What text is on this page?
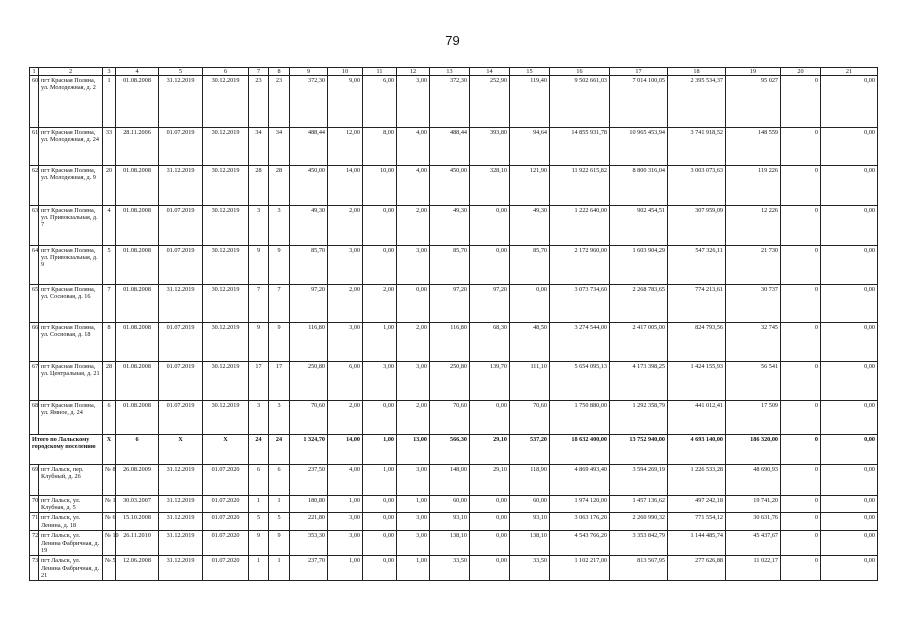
79
1	2	3	4	5	6	7	8	9	10	11	12	13	14	15	16	17	18	19	20	21
60	пгт Красная Поляна, ул. Молодежная, д. 2	1	01.08.2008	31.12.2019	30.12.2019	23	23	372,30	9,00	6,00	3,00	372,30	252,90	119,40	9 502 661,03	7 014 100,05	2 395 534,37	95 027	0	0,00
61	пгт Красная Поляна, ул. Молодежная, д. 24	33	28.11.2006	01.07.2019	30.12.2019	34	34	488,44	12,00	8,00	4,00	488,44	393,80	94,64	14 855 931,78	10 965 453,94	3 741 918,52	148 559	0	0,00
62	пгт Красная Поляна, ул. Молодежная, д. 9	20	01.08.2008	31.12.2019	30.12.2019	28	28	450,00	14,00	10,00	4,00	450,00	328,10	121,90	11 922 615,82	8 800 316,04	3 003 073,63	119 226	0	0,00
63	пгт Красная Поляна, ул. Привокзальная, д. 7	4	01.08.2008	01.07.2019	30.12.2019	3	3	49,30	2,00	0,00	2,00	49,30	0,00	49,30	1 222 640,00	902 454,51	307 959,09	12 226	0	0,00
64	пгт Красная Поляна, ул. Привокзальная, д. 9	5	01.08.2008	01.07.2019	30.12.2019	9	9	85,70	3,00	0,00	3,00	85,70	0,00	85,70	2 172 960,00	1 603 904,29	547 326,11	21 730	0	0,00
65	пгт Красная Поляна, ул. Сосновая, д. 16	7	01.08.2008	31.12.2019	30.12.2019	7	7	97,20	2,00	2,00	0,00	97,20	97,20	0,00	3 073 734,60	2 268 783,65	774 213,61	30 737	0	0,00
66	пгт Красная Поляна, ул. Сосновая, д. 18	8	01.08.2008	01.07.2019	30.12.2019	9	9	116,80	3,00	1,00	2,00	116,80	68,30	48,50	3 274 544,00	2 417 005,00	824 793,56	32 745	0	0,00
67	пгт Красная Поляна, ул. Центральная, д. 21	28	01.08.2008	01.07.2019	30.12.2019	17	17	250,80	6,00	3,00	3,00	250,80	139,70	111,10	5 654 095,13	4 173 398,25	1 424 155,93	56 541	0	0,00
68	пгт Красная Поляна, ул. Ямное, д. 24	6	01.08.2008	01.07.2019	30.12.2019	3	3	70,60	2,00	0,00	2,00	70,60	0,00	70,60	1 750 880,00	1 292 358,79	441 012,41	17 509	0	0,00
Итого по Лальскому городскому поселению		X	6	X	X	24	24	1 324,70	14,00	1,00	13,00	566,30	29,10	537,20	18 632 400,00	13 752 940,00	4 693 140,00	186 320,00	0	0,00
69	пгт Лальск, пер. Клубный, д. 26	№ 8	26.08.2009	31.12.2019	01.07.2020	6	6	237,50	4,00	1,00	3,00	148,00	29,10	118,90	4 869 493,40	3 594 269,19	1 226 533,28	48 690,93	0	0,00
70	пгт Лальск, ул. Клубная, д. 5	№ 1	30.03.2007	31.12.2019	01.07.2020	1	1	180,80	1,00	0,00	1,00	60,00	0,00	60,00	1 974 120,00	1 457 136,62	497 242,18	19 741,20	0	0,00
71	пгт Лальск, ул. Ленина, д. 18	№ 6	15.10.2008	31.12.2019	01.07.2020	5	5	221,80	3,00	0,00	3,00	93,10	0,00	93,10	3 063 176,20	2 260 990,32	771 554,12	30 631,76	0	0,00
72	пгт Лальск, ул. Ленина Фабричная, д. 19	№ 10	26.11.2010	31.12.2019	01.07.2020	9	9	353,30	3,00	0,00	3,00	138,10	0,00	138,10	4 543 766,20	3 353 842,79	1 144 485,74	45 437,67	0	0,00
73	пгт Лальск, ул. Ленина Фабричная, д. 21	№ 5	12.06.2008	31.12.2019	01.07.2020	1	1	237,70	1,00	0,00	1,00	33,50	0,00	33,50	1 102 217,00	813 567,95	277 626,88	11 022,17	0	0,00
